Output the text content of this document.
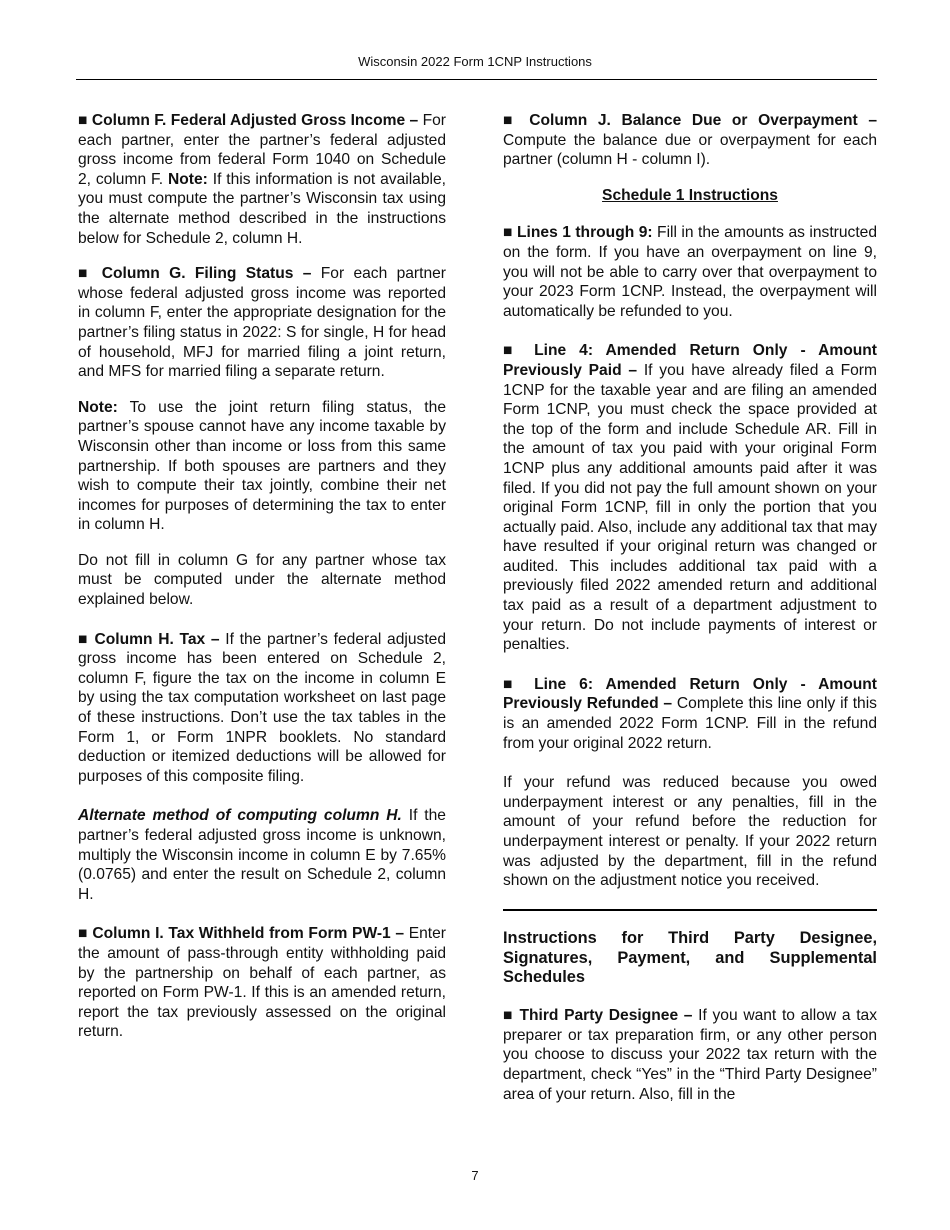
Wisconsin 2022 Form 1CNP Instructions

■ Column F. Federal Adjusted Gross Income – For each partner, enter the partner’s federal adjusted gross income from federal Form 1040 on Schedule 2, column F. Note: If this information is not available, you must compute the partner’s Wisconsin tax using the alternate method described in the instructions below for Schedule 2, column H.

■ Column G. Filing Status – For each partner whose federal adjusted gross income was reported in column F, enter the appropriate designation for the partner’s filing status in 2022: S for single, H for head of household, MFJ for married filing a joint return, and MFS for married filing a separate return.

Note: To use the joint return filing status, the partner’s spouse cannot have any income taxable by Wisconsin other than income or loss from this same partnership. If both spouses are partners and they wish to compute their tax jointly, combine their net incomes for purposes of determining the tax to enter in column H.

Do not fill in column G for any partner whose tax must be computed under the alternate method explained below.

■ Column H. Tax – If the partner’s federal adjusted gross income has been entered on Schedule 2, column F, figure the tax on the income in column E by using the tax computation worksheet on last page of these instructions. Don’t use the tax tables in the Form 1, or Form 1NPR booklets. No standard deduction or itemized deductions will be allowed for purposes of this composite filing.

Alternate method of computing column H. If the partner’s federal adjusted gross income is unknown, multiply the Wisconsin income in column E by 7.65% (0.0765) and enter the result on Schedule 2, column H.

■ Column I. Tax Withheld from Form PW-1 – Enter the amount of pass-through entity withholding paid by the partnership on behalf of each partner, as reported on Form PW-1. If this is an amended return, report the tax previously assessed on the original return.

■ Column J. Balance Due or Overpayment – Compute the balance due or overpayment for each partner (column H - column I).

Schedule 1 Instructions

■ Lines 1 through 9: Fill in the amounts as instructed on the form. If you have an overpayment on line 9, you will not be able to carry over that overpayment to your 2023 Form 1CNP. Instead, the overpayment will automatically be refunded to you.

■ Line 4: Amended Return Only - Amount Previously Paid – If you have already filed a Form 1CNP for the taxable year and are filing an amended Form 1CNP, you must check the space provided at the top of the form and include Schedule AR. Fill in the amount of tax you paid with your original Form 1CNP plus any additional amounts paid after it was filed. If you did not pay the full amount shown on your original Form 1CNP, fill in only the portion that you actually paid. Also, include any additional tax that may have resulted if your original return was changed or audited. This includes additional tax paid with a previously filed 2022 amended return and additional tax paid as a result of a department adjustment to your return. Do not include payments of interest or penalties.

■ Line 6: Amended Return Only - Amount Previously Refunded – Complete this line only if this is an amended 2022 Form 1CNP. Fill in the refund from your original 2022 return.

If your refund was reduced because you owed underpayment interest or any penalties, fill in the amount of your refund before the reduction for underpayment interest or penalty. If your 2022 return was adjusted by the department, fill in the refund shown on the adjustment notice you received.

Instructions for Third Party Designee, Signatures, Payment, and Supplemental Schedules

■ Third Party Designee – If you want to allow a tax preparer or tax preparation firm, or any other person you choose to discuss your 2022 tax return with the department, check “Yes” in the “Third Party Designee” area of your return. Also, fill in the

7
